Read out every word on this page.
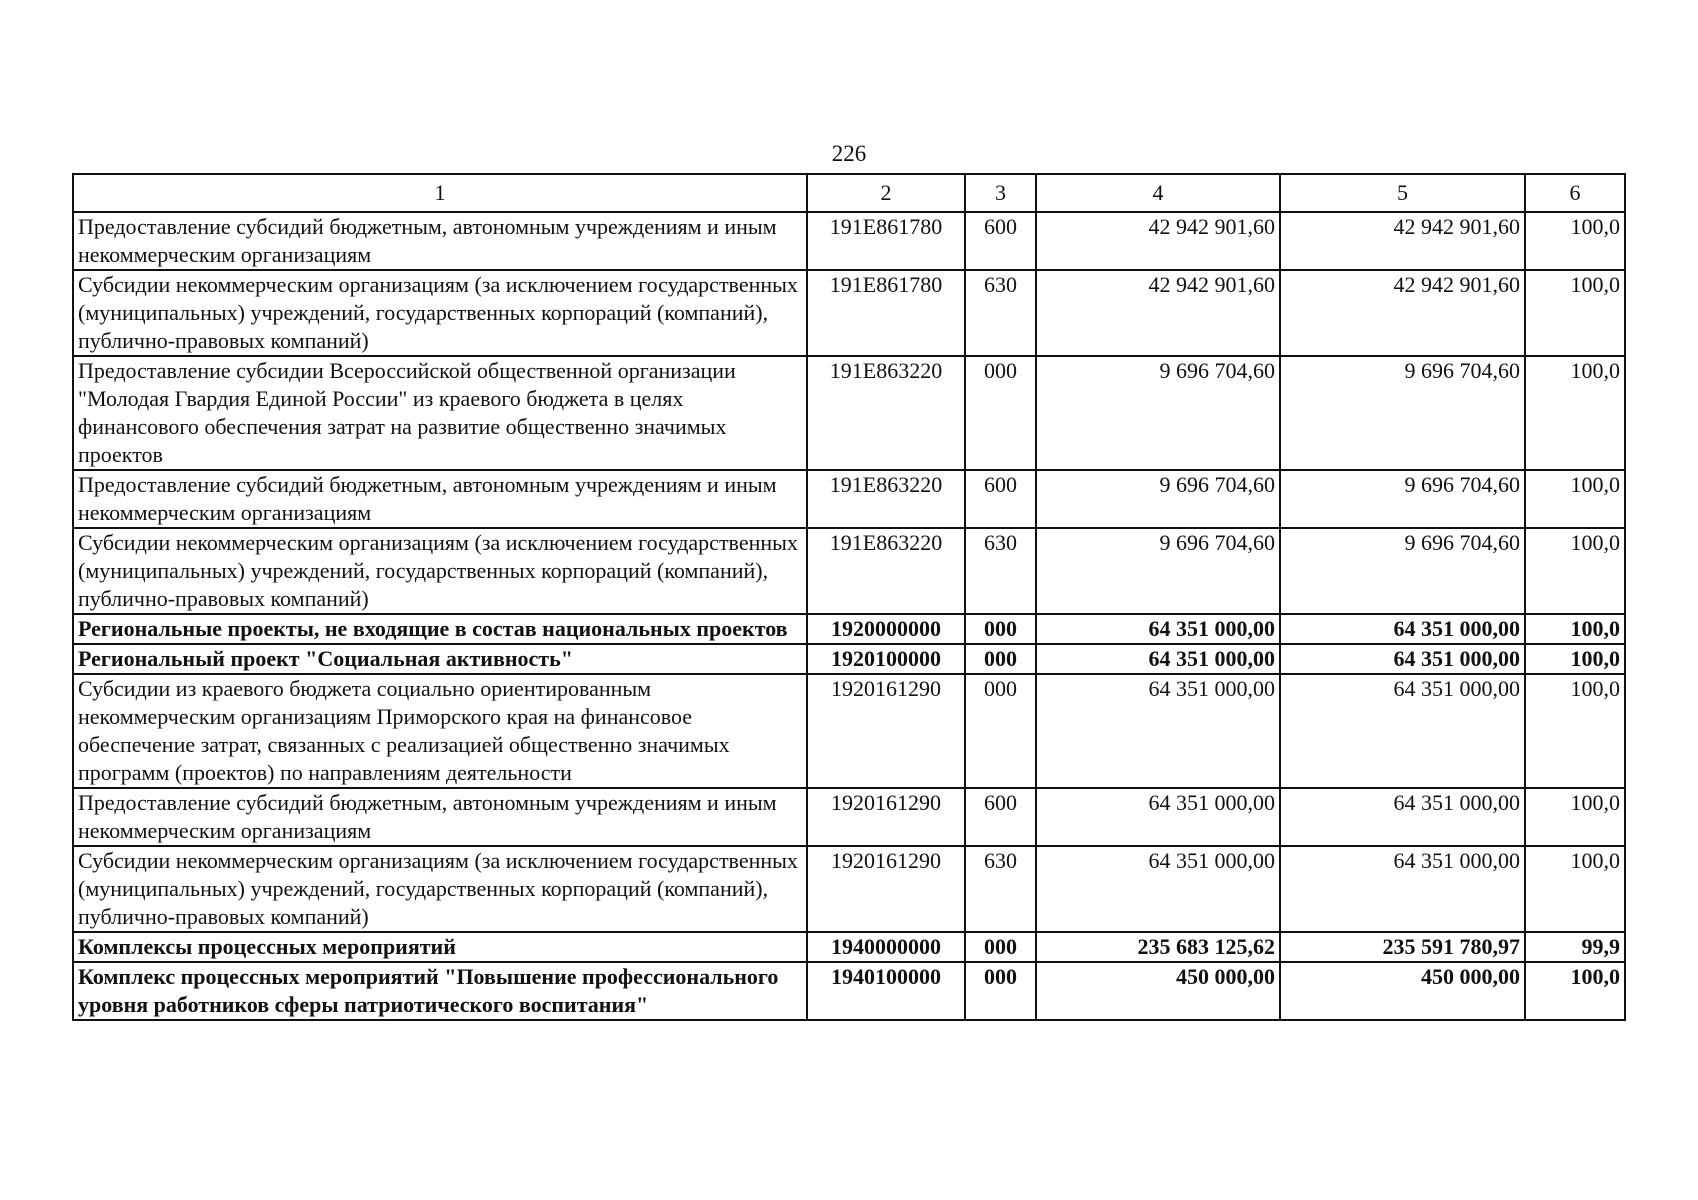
226
1	2	3	4	5	6
Предоставление субсидий бюджетным, автономным учреждениям и иным некоммерческим организациям	191E861780	600	42 942 901,60	42 942 901,60	100,0
Субсидии некоммерческим организациям (за исключением государственных (муниципальных) учреждений, государственных корпораций (компаний), публично-правовых компаний)	191E861780	630	42 942 901,60	42 942 901,60	100,0
Предоставление субсидии Всероссийской общественной организации "Молодая Гвардия Единой России" из краевого бюджета в целях финансового обеспечения затрат на развитие общественно значимых проектов	191E863220	000	9 696 704,60	9 696 704,60	100,0
Предоставление субсидий бюджетным, автономным учреждениям и иным некоммерческим организациям	191E863220	600	9 696 704,60	9 696 704,60	100,0
Субсидии некоммерческим организациям (за исключением государственных (муниципальных) учреждений, государственных корпораций (компаний), публично-правовых компаний)	191E863220	630	9 696 704,60	9 696 704,60	100,0
Региональные проекты, не входящие в состав национальных проектов	1920000000	000	64 351 000,00	64 351 000,00	100,0
Региональный проект "Социальная активность"	1920100000	000	64 351 000,00	64 351 000,00	100,0
Субсидии из краевого бюджета социально ориентированным некоммерческим организациям Приморского края на финансовое обеспечение затрат, связанных с реализацией общественно значимых программ (проектов) по направлениям деятельности	1920161290	000	64 351 000,00	64 351 000,00	100,0
Предоставление субсидий бюджетным, автономным учреждениям и иным некоммерческим организациям	1920161290	600	64 351 000,00	64 351 000,00	100,0
Субсидии некоммерческим организациям (за исключением государственных (муниципальных) учреждений, государственных корпораций (компаний), публично-правовых компаний)	1920161290	630	64 351 000,00	64 351 000,00	100,0
Комплексы процессных мероприятий	1940000000	000	235 683 125,62	235 591 780,97	99,9
Комплекс процессных мероприятий "Повышение профессионального уровня работников сферы патриотического воспитания"	1940100000	000	450 000,00	450 000,00	100,0
